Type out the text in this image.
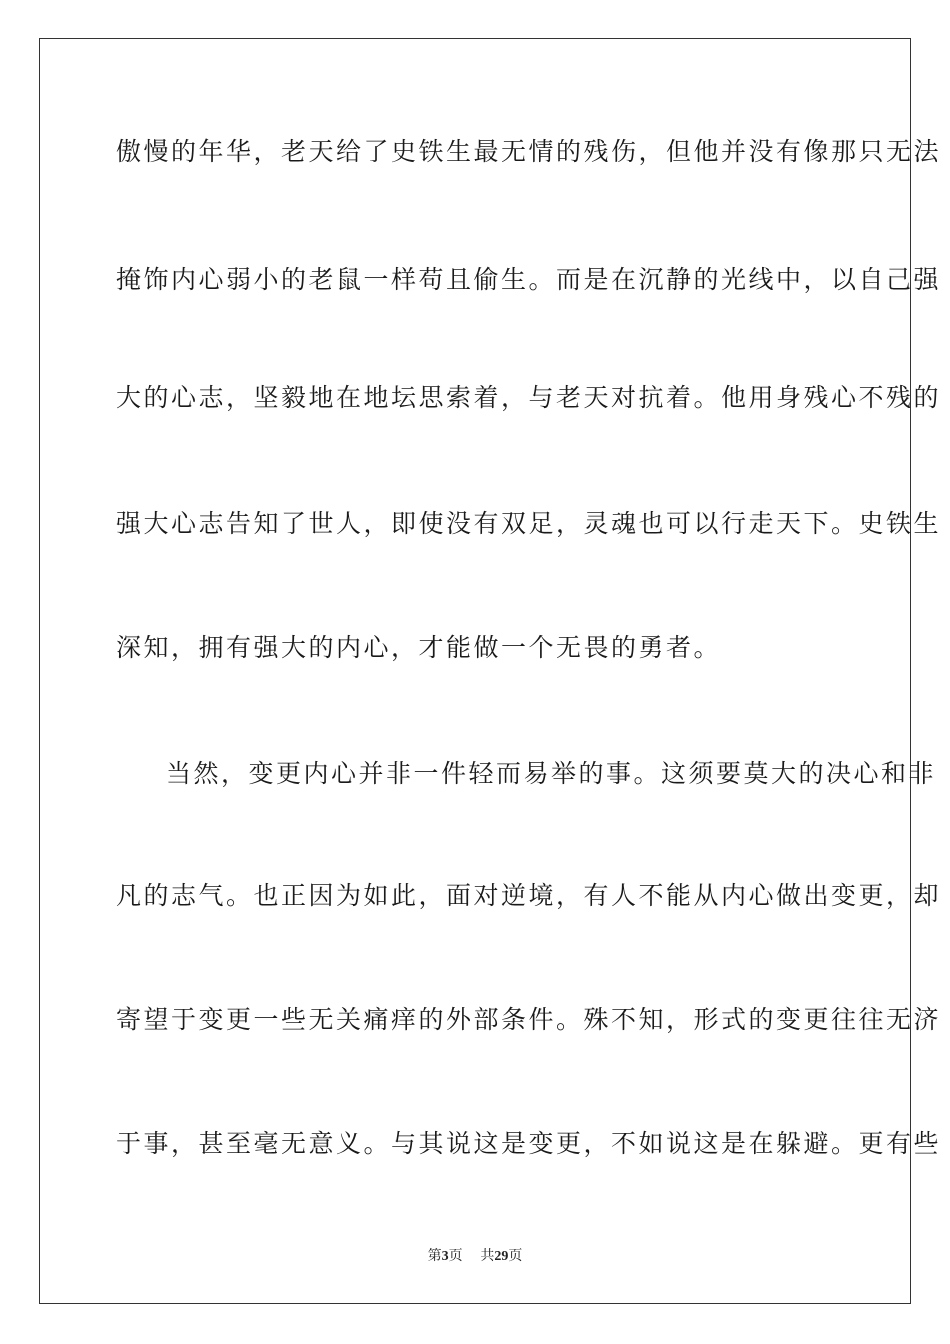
傲慢的年华，老天给了史铁生最无情的残伤，但他并没有像那只无法
掩饰内心弱小的老鼠一样苟且偷生。而是在沉静的光线中，以自己强
大的心志，坚毅地在地坛思索着，与老天对抗着。他用身残心不残的
强大心志告知了世人，即使没有双足，灵魂也可以行走天下。史铁生
深知，拥有强大的内心，才能做一个无畏的勇者。
当然，变更内心并非一件轻而易举的事。这须要莫大的决心和非
凡的志气。也正因为如此，面对逆境，有人不能从内心做出变更，却
寄望于变更一些无关痛痒的外部条件。殊不知，形式的变更往往无济
于事，甚至毫无意义。与其说这是变更，不如说这是在躲避。更有些
第3页 共29页
